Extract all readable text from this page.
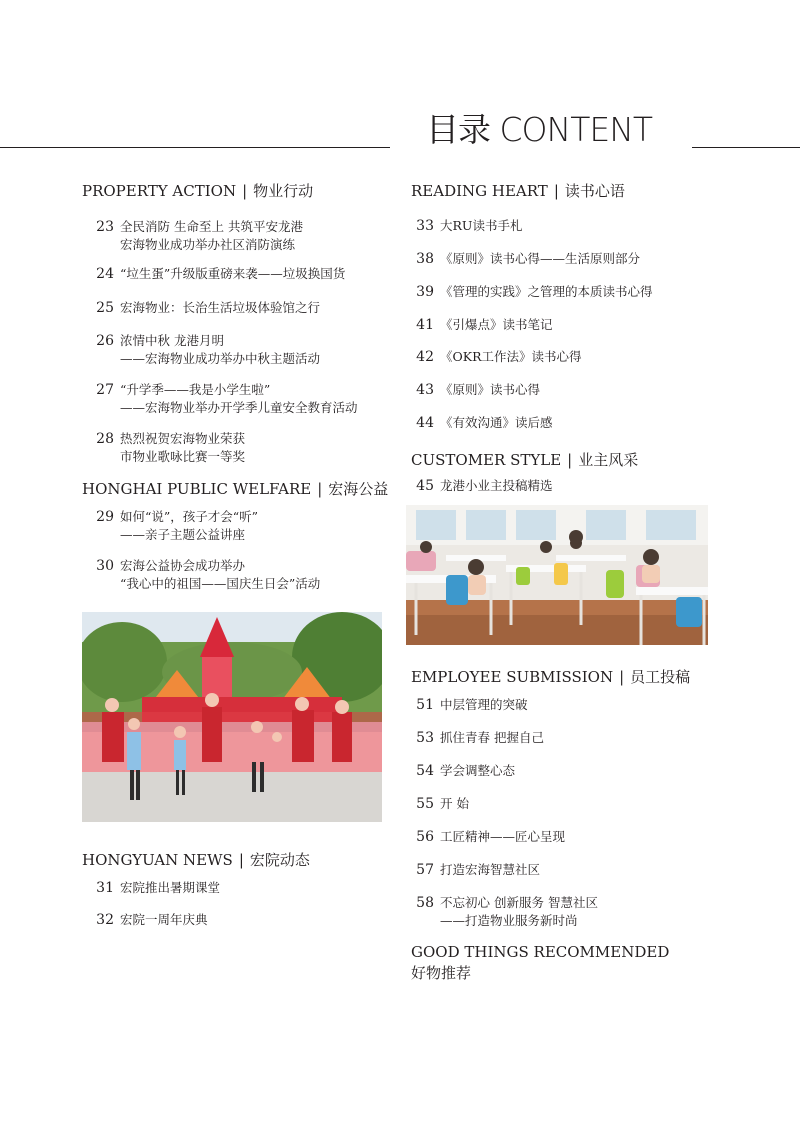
目录 CONTENT
PROPERTY ACTION | 物业行动
23 全民消防 生命至上 共筑平安龙港
宏海物业成功举办社区消防演练
24 “垃生蛋”升级版重磅来袭——垃圾换国货
25 宏海物业：长治生活垃圾体验馆之行
26 浓情中秋 龙港月明
——宏海物业成功举办中秋主题活动
27 “升学季——我是小学生啦”
——宏海物业举办开学季儿童安全教育活动
28 热烈祝贺宏海物业荣获
市物业歌咏比赛一等奖
HONGHAI PUBLIC WELFARE | 宏海公益
29 如何“说”，孩子才会“听”
——亲子主题公益讲座
30 宏海公益协会成功举办
“我心中的祖国——国庆生日会”活动
HONGYUAN NEWS | 宏院动态
31 宏院推出暑期课堂
32 宏院一周年庆典
READING HEART | 读书心语
33 大RU读书手札
38 《原则》读书心得——生活原则部分
39 《管理的实践》之管理的本质读书心得
41 《引爆点》读书笔记
42 《OKR工作法》读书心得
43 《原则》读书心得
44 《有效沟通》读后感
CUSTOMER STYLE | 业主风采
45 龙港小业主投稿精选
EMPLOYEE SUBMISSION | 员工投稿
51 中层管理的突破
53 抓住青春 把握自己
54 学会调整心态
55 开 始
56 工匠精神——匠心呈现
57 打造宏海智慧社区
58 不忘初心 创新服务 智慧社区
——打造物业服务新时尚
GOOD THINGS RECOMMENDED
好物推荐
